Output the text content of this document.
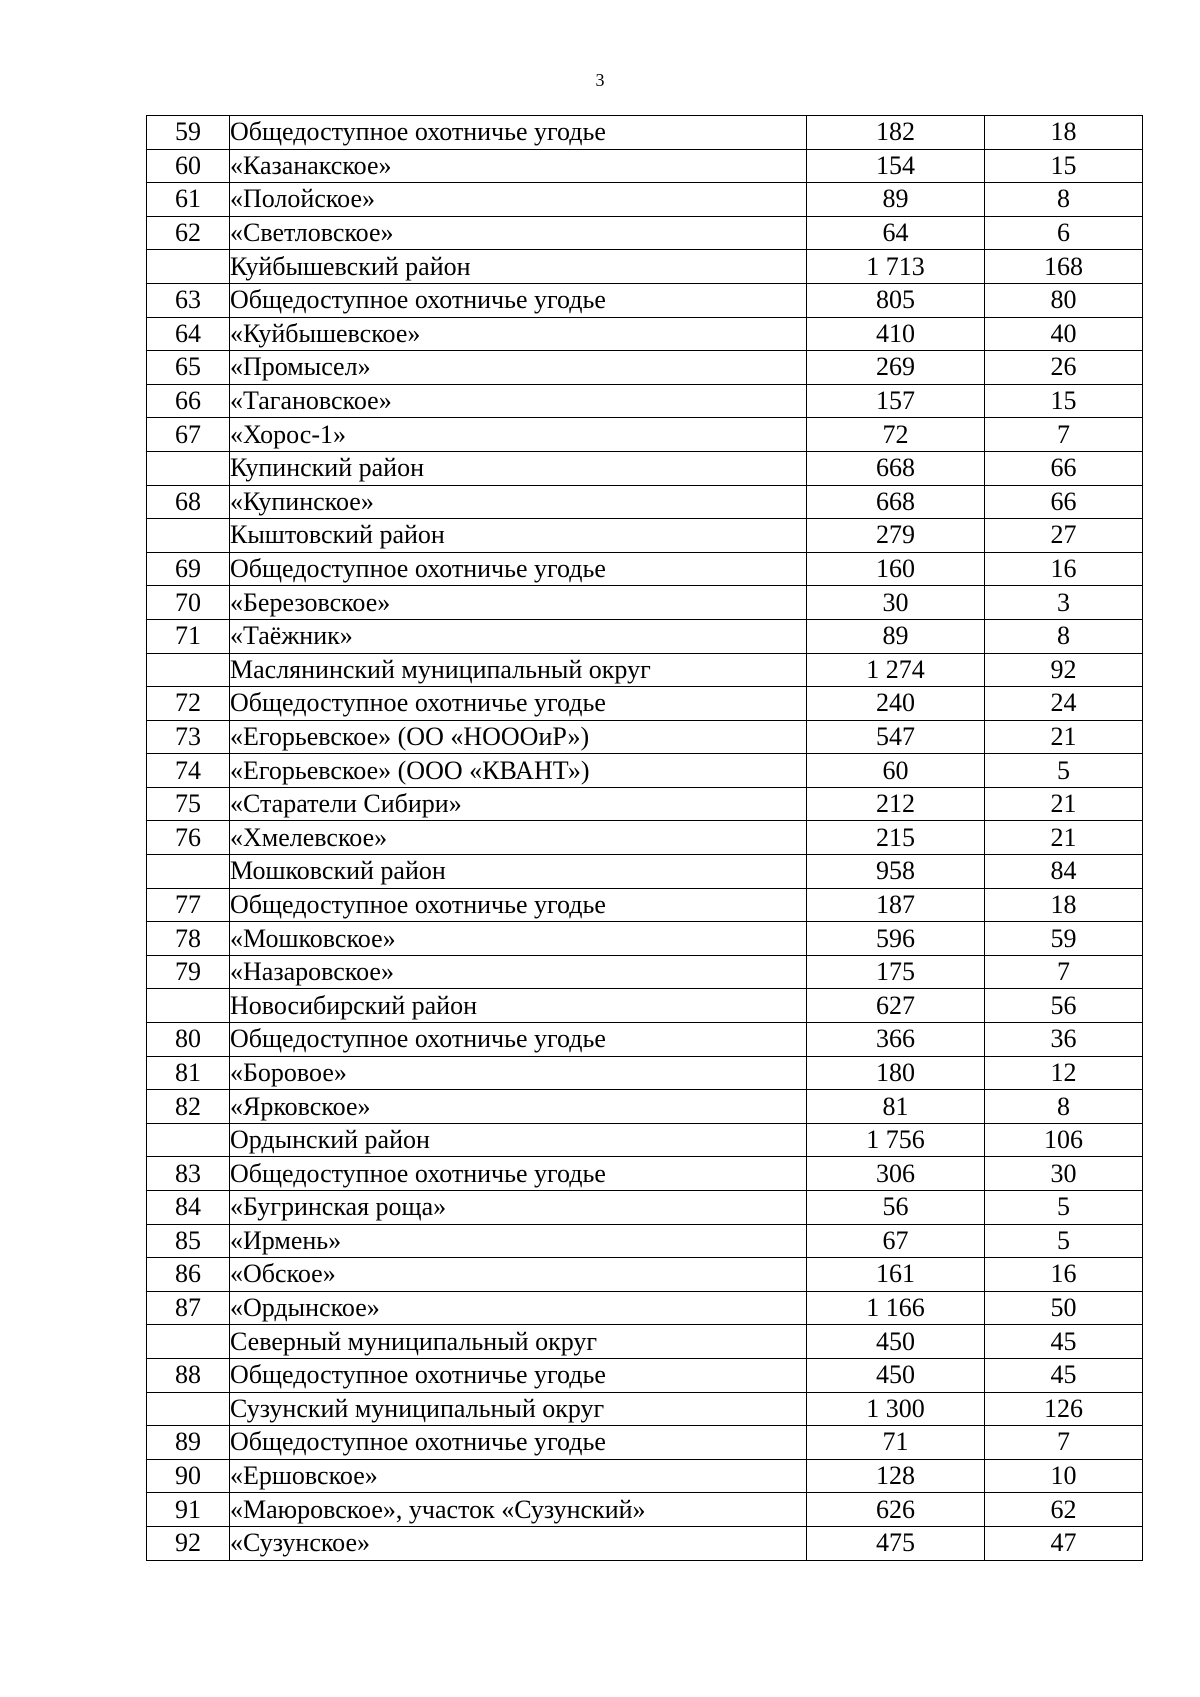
3
59	Общедоступное охотничье угодье	182	18
60	«Казанакское»	154	15
61	«Полойское»	89	8
62	«Светловское»	64	6
	Куйбышевский район	1 713	168
63	Общедоступное охотничье угодье	805	80
64	«Куйбышевское»	410	40
65	«Промысел»	269	26
66	«Тагановское»	157	15
67	«Хорос-1»	72	7
	Купинский район	668	66
68	«Купинское»	668	66
	Кыштовский район	279	27
69	Общедоступное охотничье угодье	160	16
70	«Березовское»	30	3
71	«Таёжник»	89	8
	Маслянинский муниципальный округ	1 274	92
72	Общедоступное охотничье угодье	240	24
73	«Егорьевское» (ОО «НОООиР»)	547	21
74	«Егорьевское» (ООО «КВАНТ»)	60	5
75	«Старатели Сибири»	212	21
76	«Хмелевское»	215	21
	Мошковский район	958	84
77	Общедоступное охотничье угодье	187	18
78	«Мошковское»	596	59
79	«Назаровское»	175	7
	Новосибирский район	627	56
80	Общедоступное охотничье угодье	366	36
81	«Боровое»	180	12
82	«Ярковское»	81	8
	Ордынский район	1 756	106
83	Общедоступное охотничье угодье	306	30
84	«Бугринская роща»	56	5
85	«Ирмень»	67	5
86	«Обское»	161	16
87	«Ордынское»	1 166	50
	Северный муниципальный округ	450	45
88	Общедоступное охотничье угодье	450	45
	Сузунский муниципальный округ	1 300	126
89	Общедоступное охотничье угодье	71	7
90	«Ершовское»	128	10
91	«Маюровское», участок «Сузунский»	626	62
92	«Сузунское»	475	47
